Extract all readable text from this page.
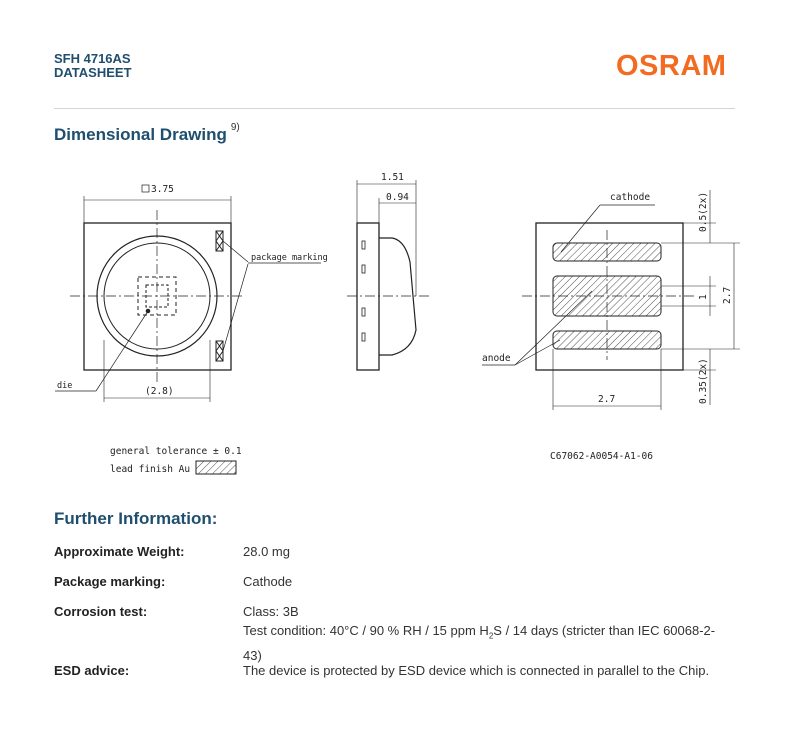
SFH 4716AS
DATASHEET	OSRAM
Dimensional Drawing $^{9)}$
3.75
package marking
die	(2.8)
1.51
0.94	cathode
anode
2.7
1 2.7
0.5(2x)
0.35(2x)
general tolerance ± 0.1
lead finish Au
C67062-A0054-A1-06
Further Information:
Approximate Weight:	28.0 mg
Package marking:	Cathode
Corrosion test:	Class: 3B
Test condition: 40°C / 90 % RH / 15 ppm $H_2S / 14$ days (stricter than IEC 60068-2-43)
ESD advice:	The device is protected by ESD device which is connected in parallel to the Chip.
